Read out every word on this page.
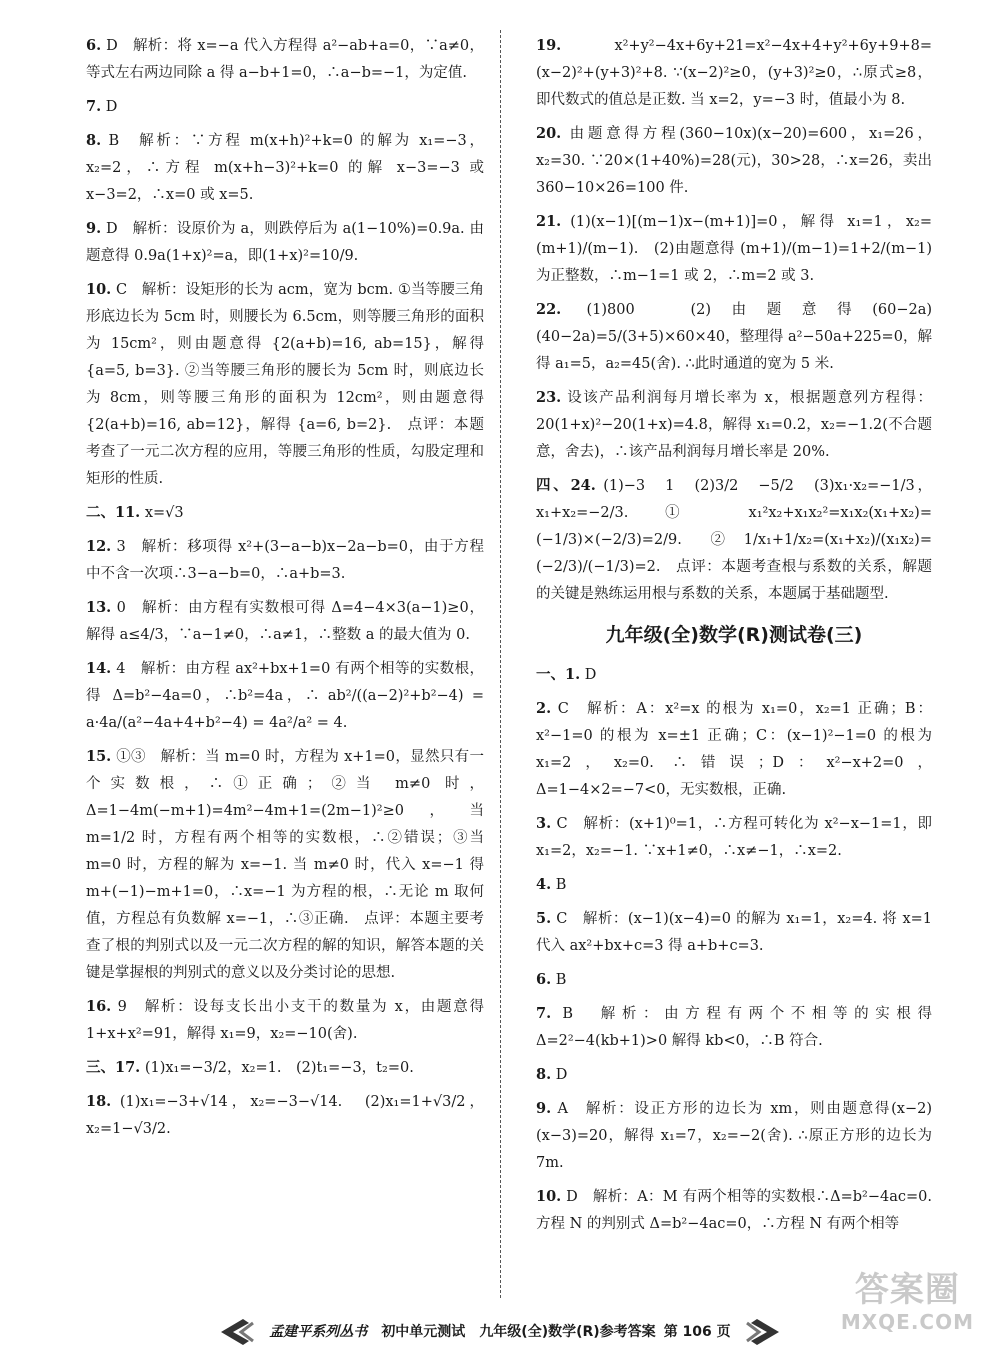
6. D　解析：将 x=−a 代入方程得 a²−ab+a=0，∵a≠0，等式左右两边同除 a 得 a−b+1=0，∴a−b=−1，为定值.

7. D

8. B　解析：∵方程 m(x+h)²+k=0 的解为 x₁=−3，x₂=2，∴方程 m(x+h−3)²+k=0 的解 x−3=−3 或 x−3=2，∴x=0 或 x=5.

9. D　解析：设原价为 a，则跌停后为 a(1−10%)=0.9a. 由题意得 0.9a(1+x)²=a，即(1+x)²=10/9.

10. C　解析：设矩形的长为 acm，宽为 bcm. ①当等腰三角形底边长为 5cm 时，则腰长为 6.5cm，则等腰三角形的面积为 15cm²，则由题意得 {2(a+b)=16, ab=15}，解得 {a=5, b=3}. ②当等腰三角形的腰长为 5cm 时，则底边长为 8cm，则等腰三角形的面积为 12cm²，则由题意得 {2(a+b)=16, ab=12}，解得 {a=6, b=2}.　点评：本题考查了一元二次方程的应用，等腰三角形的性质，勾股定理和矩形的性质.

二、11. x=√3

12. 3　解析：移项得 x²+(3−a−b)x−2a−b=0，由于方程中不含一次项∴3−a−b=0，∴a+b=3.

13. 0　解析：由方程有实数根可得 Δ=4−4×3(a−1)≥0，解得 a≤4/3，∵a−1≠0，∴a≠1，∴整数 a 的最大值为 0.

14. 4　解析：由方程 ax²+bx+1=0 有两个相等的实数根，得 Δ=b²−4a=0，∴b²=4a，∴ ab²/((a−2)²+b²−4) = a·4a/(a²−4a+4+b²−4) = 4a²/a² = 4.

15. ①③　解析：当 m=0 时，方程为 x+1=0，显然只有一个实数根，∴①正确；②当 m≠0 时，Δ=1−4m(−m+1)=4m²−4m+1=(2m−1)²≥0，当 m=1/2 时，方程有两个相等的实数根，∴②错误；③当 m=0 时，方程的解为 x=−1. 当 m≠0 时，代入 x=−1 得 m+(−1)−m+1=0，∴x=−1 为方程的根，∴无论 m 取何值，方程总有负数解 x=−1，∴③正确.　点评：本题主要考查了根的判别式以及一元二次方程的解的知识，解答本题的关键是掌握根的判别式的意义以及分类讨论的思想.

16. 9　解析：设每支长出小支干的数量为 x，由题意得 1+x+x²=91，解得 x₁=9，x₂=−10(舍).

三、17. (1)x₁=−3/2，x₂=1.　(2)t₁=−3，t₂=0.

18. (1)x₁=−3+√14，x₂=−3−√14.　(2)x₁=1+√3/2，x₂=1−√3/2.

19.	x²+y²−4x+6y+21=x²−4x+4+y²+6y+9+8=(x−2)²+(y+3)²+8. ∵(x−2)²≥0，(y+3)²≥0，∴原式≥8，即代数式的值总是正数. 当 x=2，y=−3 时，值最小为 8.

20. 由题意得方程(360−10x)(x−20)=600，x₁=26，x₂=30. ∵20×(1+40%)=28(元)，30>28，∴x=26，卖出 360−10×26=100 件.

21. (1)(x−1)[(m−1)x−(m+1)]=0，解得 x₁=1，x₂=(m+1)/(m−1).　(2)由题意得 (m+1)/(m−1)=1+2/(m−1) 为正整数，∴m−1=1 或 2，∴m=2 或 3.

22. (1)800　(2)由题意得(60−2a)(40−2a)=5/(3+5)×60×40，整理得 a²−50a+225=0，解得 a₁=5，a₂=45(舍). ∴此时通道的宽为 5 米.

23. 设该产品利润每月增长率为 x，根据题意列方程得：20(1+x)²−20(1+x)=4.8，解得 x₁=0.2，x₂=−1.2(不合题意，舍去)，∴该产品利润每月增长率是 20%.

四、24. (1)−3　1　(2)3/2　−5/2　(3)x₁·x₂=−1/3，x₁+x₂=−2/3. ① x₁²x₂+x₁x₂²=x₁x₂(x₁+x₂)=(−1/3)×(−2/3)=2/9.　② 1/x₁+1/x₂=(x₁+x₂)/(x₁x₂)=(−2/3)/(−1/3)=2.　点评：本题考查根与系数的关系，解题的关键是熟练运用根与系数的关系，本题属于基础题型.

九年级(全)数学(R)测试卷(三)

一、1. D

2. C　解析：A：x²=x 的根为 x₁=0，x₂=1 正确；B：x²−1=0 的根为 x=±1 正确；C：(x−1)²−1=0 的根为 x₁=2，x₂=0. ∴错误；D：x²−x+2=0，Δ=1−4×2=−7<0，无实数根，正确.

3. C　解析：(x+1)⁰=1，∴方程可转化为 x²−x−1=1，即 x₁=2，x₂=−1. ∵x+1≠0，∴x≠−1，∴x=2.

4. B

5. C　解析：(x−1)(x−4)=0 的解为 x₁=1，x₂=4. 将 x=1 代入 ax²+bx+c=3 得 a+b+c=3.

6. B

7. B　解析：由方程有两个不相等的实根得 Δ=2²−4(kb+1)>0 解得 kb<0，∴B 符合.

8. D

9. A　解析：设正方形的边长为 xm，则由题意得(x−2)(x−3)=20，解得 x₁=7，x₂=−2(舍). ∴原正方形的边长为 7m.

10. D　解析：A：M 有两个相等的实数根∴Δ=b²−4ac=0. 方程 N 的判别式 Δ=b²−4ac=0，∴方程 N 有两个相等

孟建平系列丛书 初中单元测试 九年级(全)数学(R)参考答案 第 106 页
答案圈
MXQE.COM
